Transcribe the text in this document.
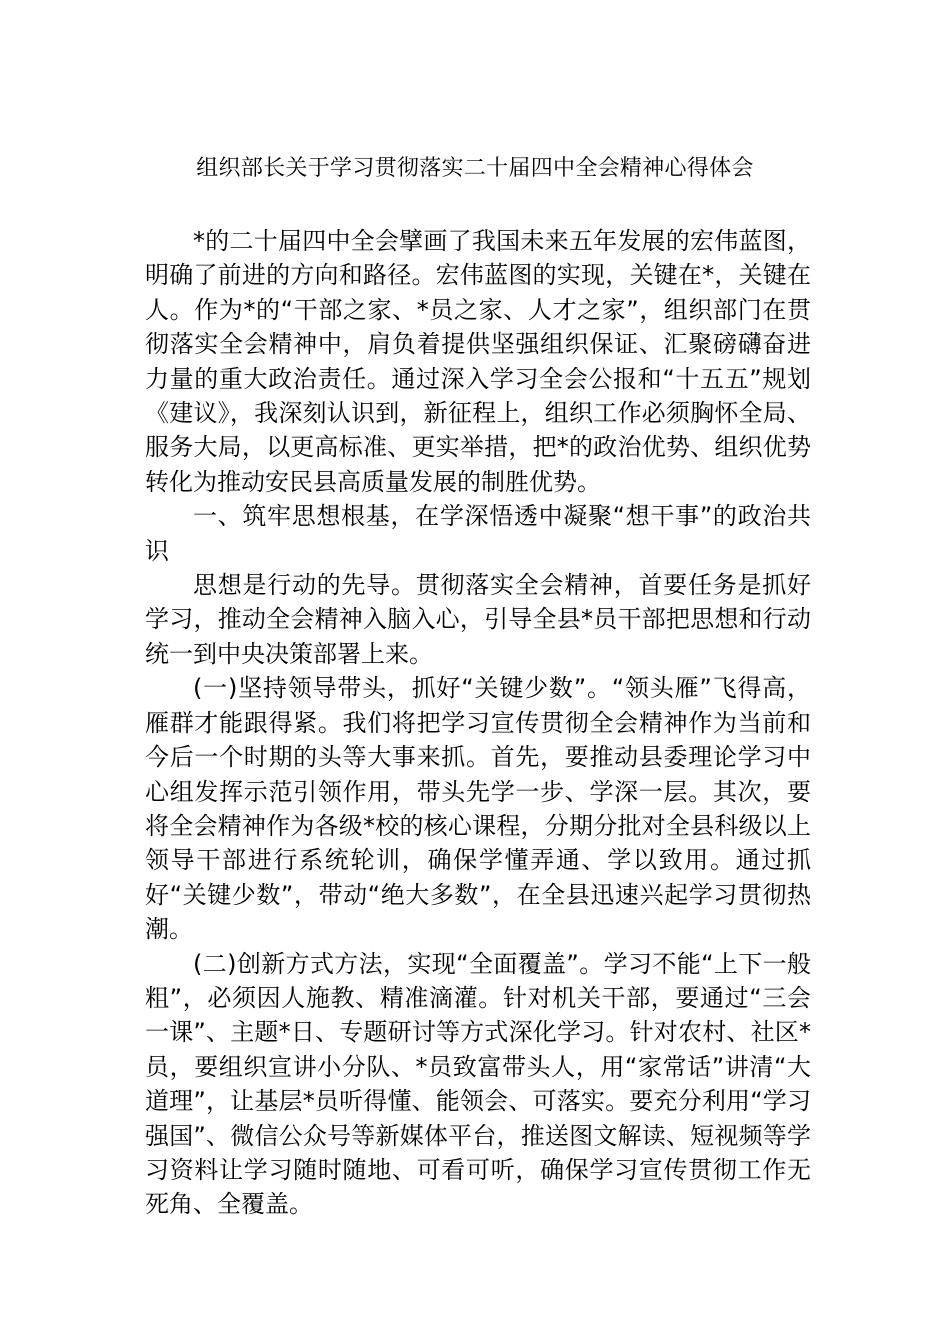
组织部长关于学习贯彻落实二十届四中全会精神心得体会

*的二十届四中全会擘画了我国未来五年发展的宏伟蓝图，明确了前进的方向和路径。宏伟蓝图的实现，关键在*，关键在人。作为*的“干部之家、*员之家、人才之家”，组织部门在贯彻落实全会精神中，肩负着提供坚强组织保证、汇聚磅礴奋进力量的重大政治责任。通过深入学习全会公报和“十五五”规划《建议》，我深刻认识到，新征程上，组织工作必须胸怀全局、服务大局，以更高标准、更实举措，把*的政治优势、组织优势转化为推动安民县高质量发展的制胜优势。

一、筑牢思想根基，在学深悟透中凝聚“想干事”的政治共识

思想是行动的先导。贯彻落实全会精神，首要任务是抓好学习，推动全会精神入脑入心，引导全县*员干部把思想和行动统一到中央决策部署上来。

(一)坚持领导带头，抓好“关键少数”。“领头雁”飞得高，雁群才能跟得紧。我们将把学习宣传贯彻全会精神作为当前和今后一个时期的头等大事来抓。首先，要推动县委理论学习中心组发挥示范引领作用，带头先学一步、学深一层。其次，要将全会精神作为各级*校的核心课程，分期分批对全县科级以上领导干部进行系统轮训，确保学懂弄通、学以致用。通过抓好“关键少数”，带动“绝大多数”，在全县迅速兴起学习贯彻热潮。

(二)创新方式方法，实现“全面覆盖”。学习不能“上下一般粗”，必须因人施教、精准滴灌。针对机关干部，要通过“三会一课”、主题*日、专题研讨等方式深化学习。针对农村、社区*员，要组织宣讲小分队、*员致富带头人，用“家常话”讲清“大道理”，让基层*员听得懂、能领会、可落实。要充分利用“学习强国”、微信公众号等新媒体平台，推送图文解读、短视频等学习资料让学习随时随地、可看可听，确保学习宣传贯彻工作无死角、全覆盖。
